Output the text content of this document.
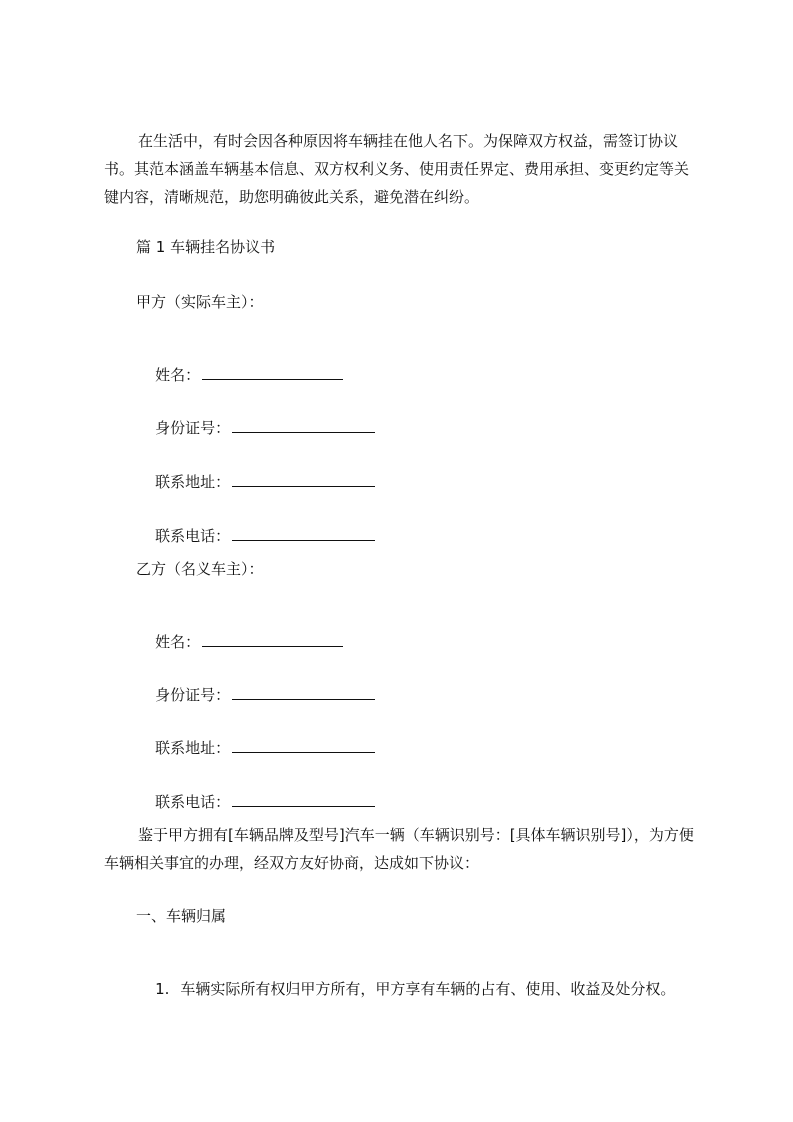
在生活中，有时会因各种原因将车辆挂在他人名下。为保障双方权益，需签订协议书。其范本涵盖车辆基本信息、双方权利义务、使用责任界定、费用承担、变更约定等关键内容，清晰规范，助您明确彼此关系，避免潜在纠纷。
篇 1 车辆挂名协议书
甲方（实际车主）：

姓名：

身份证号：

联系地址：

联系电话：

乙方（名义车主）：

姓名：

身份证号：

联系地址：

联系电话：

鉴于甲方拥有[车辆品牌及型号]汽车一辆（车辆识别号：[具体车辆识别号]），为方便车辆相关事宜的办理，经双方友好协商，达成如下协议：
一、车辆归属

1. 车辆实际所有权归甲方所有，甲方享有车辆的占有、使用、收益及处分权。
